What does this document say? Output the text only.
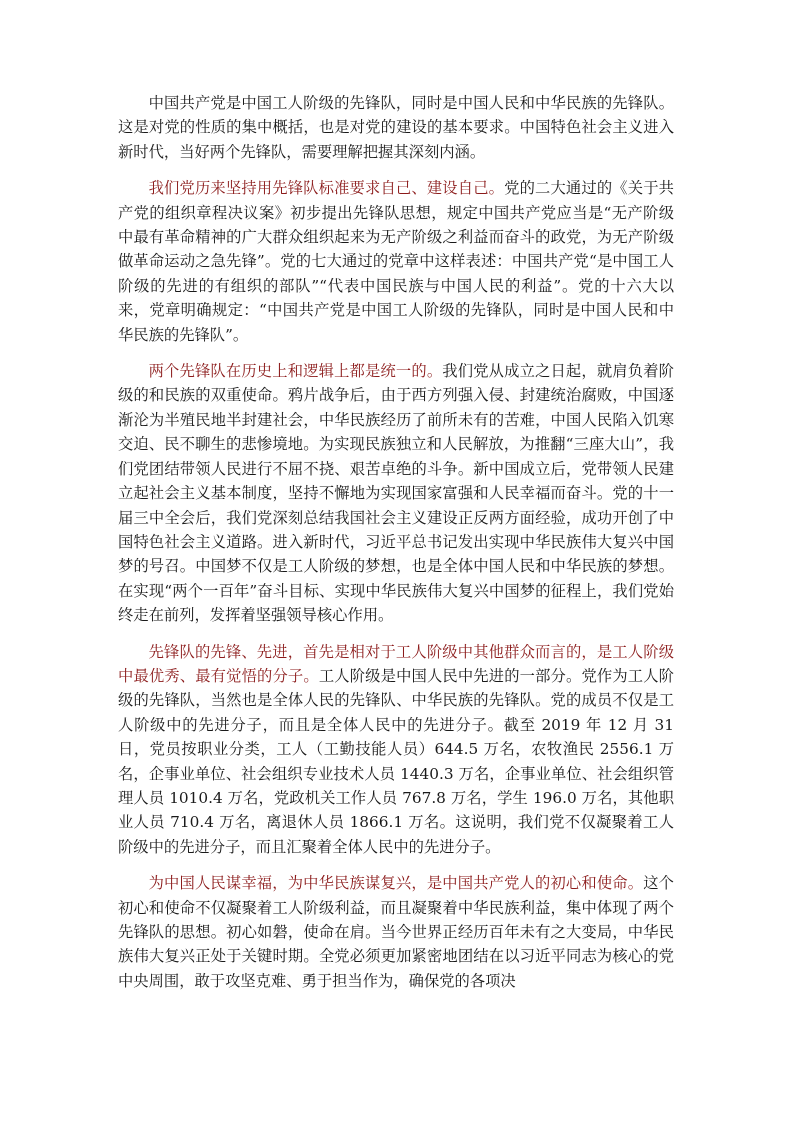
中国共产党是中国工人阶级的先锋队，同时是中国人民和中华民族的先锋队。这是对党的性质的集中概括，也是对党的建设的基本要求。中国特色社会主义进入新时代，当好两个先锋队，需要理解把握其深刻内涵。

我们党历来坚持用先锋队标准要求自己、建设自己。党的二大通过的《关于共产党的组织章程决议案》初步提出先锋队思想，规定中国共产党应当是“无产阶级中最有革命精神的广大群众组织起来为无产阶级之利益而奋斗的政党，为无产阶级做革命运动之急先锋”。党的七大通过的党章中这样表述：中国共产党“是中国工人阶级的先进的有组织的部队”“代表中国民族与中国人民的利益”。党的十六大以来，党章明确规定：“中国共产党是中国工人阶级的先锋队，同时是中国人民和中华民族的先锋队”。

两个先锋队在历史上和逻辑上都是统一的。我们党从成立之日起，就肩负着阶级的和民族的双重使命。鸦片战争后，由于西方列强入侵、封建统治腐败，中国逐渐沦为半殖民地半封建社会，中华民族经历了前所未有的苦难，中国人民陷入饥寒交迫、民不聊生的悲惨境地。为实现民族独立和人民解放，为推翻“三座大山”，我们党团结带领人民进行不屈不挠、艰苦卓绝的斗争。新中国成立后，党带领人民建立起社会主义基本制度，坚持不懈地为实现国家富强和人民幸福而奋斗。党的十一届三中全会后，我们党深刻总结我国社会主义建设正反两方面经验，成功开创了中国特色社会主义道路。进入新时代，习近平总书记发出实现中华民族伟大复兴中国梦的号召。中国梦不仅是工人阶级的梦想，也是全体中国人民和中华民族的梦想。在实现“两个一百年”奋斗目标、实现中华民族伟大复兴中国梦的征程上，我们党始终走在前列，发挥着坚强领导核心作用。

先锋队的先锋、先进，首先是相对于工人阶级中其他群众而言的，是工人阶级中最优秀、最有觉悟的分子。工人阶级是中国人民中先进的一部分。党作为工人阶级的先锋队，当然也是全体人民的先锋队、中华民族的先锋队。党的成员不仅是工人阶级中的先进分子，而且是全体人民中的先进分子。截至 2019 年 12 月 31 日，党员按职业分类，工人（工勤技能人员）644.5 万名，农牧渔民 2556.1 万名，企事业单位、社会组织专业技术人员 1440.3 万名，企事业单位、社会组织管理人员 1010.4 万名，党政机关工作人员 767.8 万名，学生 196.0 万名，其他职业人员 710.4 万名，离退休人员 1866.1 万名。这说明，我们党不仅凝聚着工人阶级中的先进分子，而且汇聚着全体人民中的先进分子。

为中国人民谋幸福，为中华民族谋复兴，是中国共产党人的初心和使命。这个初心和使命不仅凝聚着工人阶级利益，而且凝聚着中华民族利益，集中体现了两个先锋队的思想。初心如磐，使命在肩。当今世界正经历百年未有之大变局，中华民族伟大复兴正处于关键时期。全党必须更加紧密地团结在以习近平同志为核心的党中央周围，敢于攻坚克难、勇于担当作为，确保党的各项决
